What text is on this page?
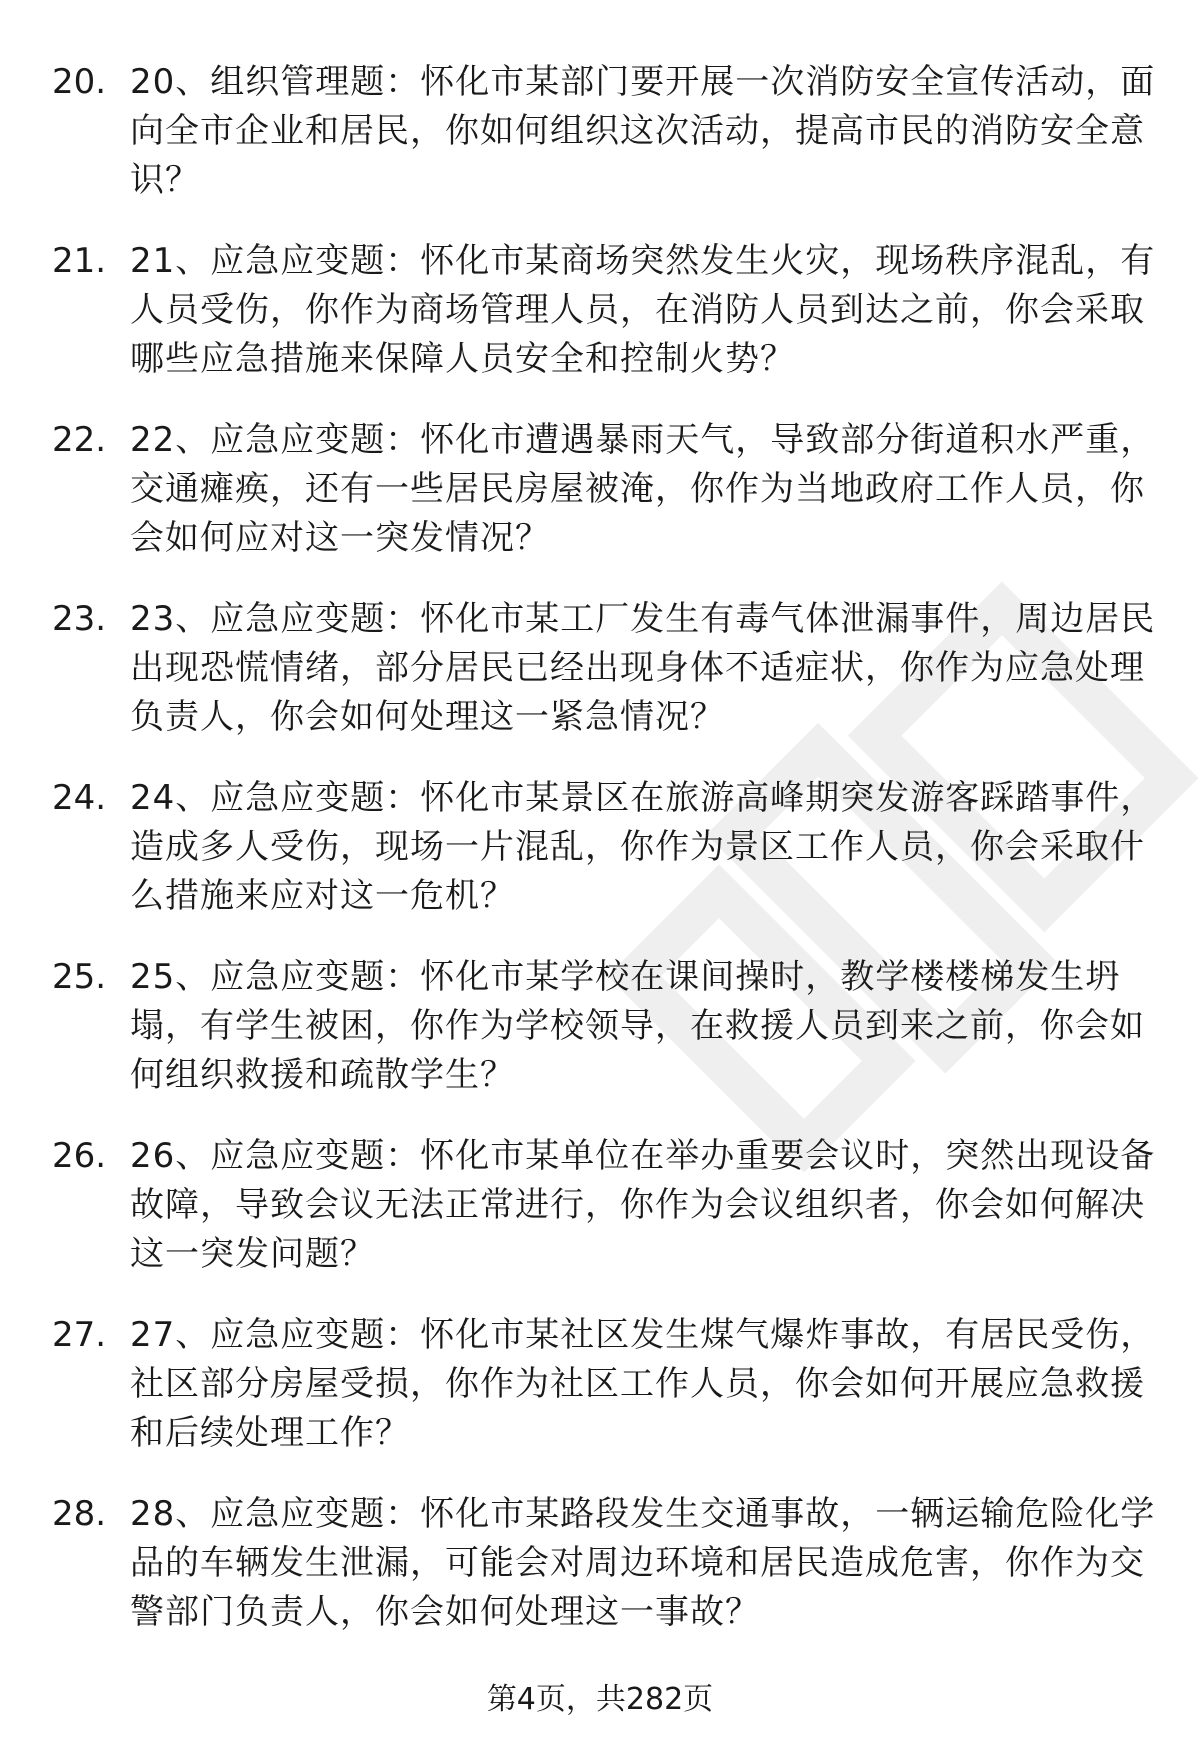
20. 20、组织管理题：怀化市某部门要开展一次消防安全宣传活动，面向全市企业和居民，你如何组织这次活动，提高市民的消防安全意识？
21. 21、应急应变题：怀化市某商场突然发生火灾，现场秩序混乱，有人员受伤，你作为商场管理人员，在消防人员到达之前，你会采取哪些应急措施来保障人员安全和控制火势？
22. 22、应急应变题：怀化市遭遇暴雨天气，导致部分街道积水严重，交通瘫痪，还有一些居民房屋被淹，你作为当地政府工作人员，你会如何应对这一突发情况？
23. 23、应急应变题：怀化市某工厂发生有毒气体泄漏事件，周边居民出现恐慌情绪，部分居民已经出现身体不适症状，你作为应急处理负责人，你会如何处理这一紧急情况？
24. 24、应急应变题：怀化市某景区在旅游高峰期突发游客踩踏事件，造成多人受伤，现场一片混乱，你作为景区工作人员，你会采取什么措施来应对这一危机？
25. 25、应急应变题：怀化市某学校在课间操时，教学楼楼梯发生坍塌，有学生被困，你作为学校领导，在救援人员到来之前，你会如何组织救援和疏散学生？
26. 26、应急应变题：怀化市某单位在举办重要会议时，突然出现设备故障，导致会议无法正常进行，你作为会议组织者，你会如何解决这一突发问题？
27. 27、应急应变题：怀化市某社区发生煤气爆炸事故，有居民受伤，社区部分房屋受损，你作为社区工作人员，你会如何开展应急救援和后续处理工作？
28. 28、应急应变题：怀化市某路段发生交通事故，一辆运输危险化学品的车辆发生泄漏，可能会对周边环境和居民造成危害，你作为交警部门负责人，你会如何处理这一事故？
第4页，共282页
